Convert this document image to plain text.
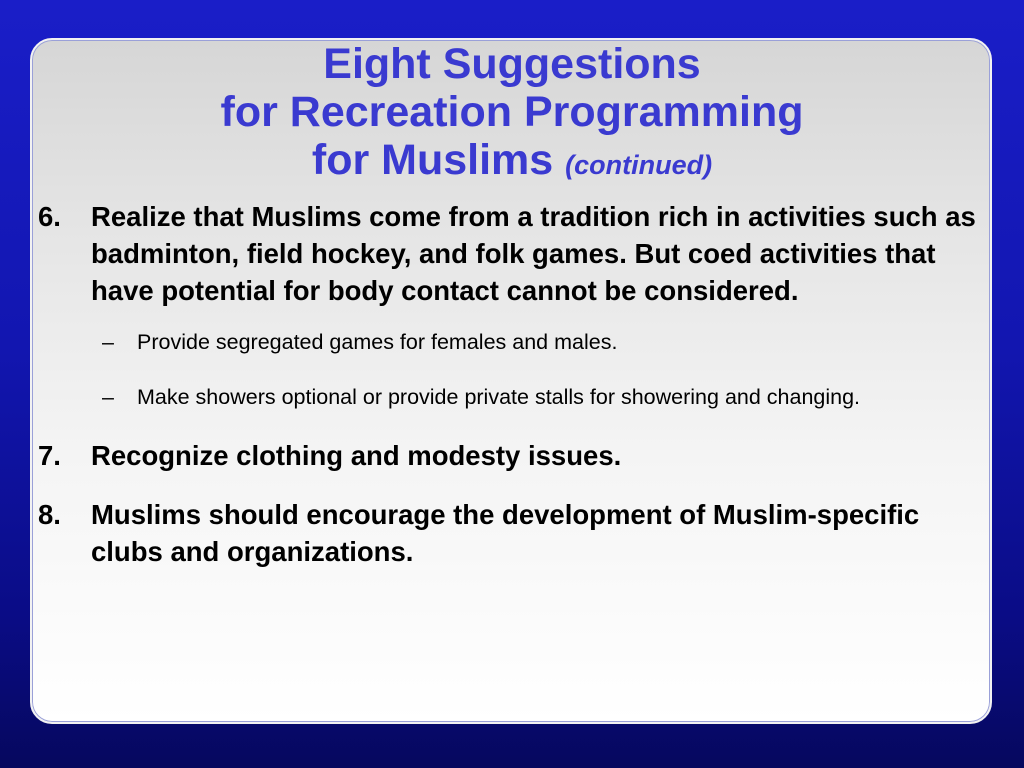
Eight Suggestions
for Recreation Programming
for Muslims (continued)
6. Realize that Muslims come from a tradition rich in activities such as badminton, field hockey, and folk games. But coed activities that have potential for body contact cannot be considered.
– Provide segregated games for females and males.
– Make showers optional or provide private stalls for showering and changing.
7. Recognize clothing and modesty issues.
8. Muslims should encourage the development of Muslim-specific clubs and organizations.
